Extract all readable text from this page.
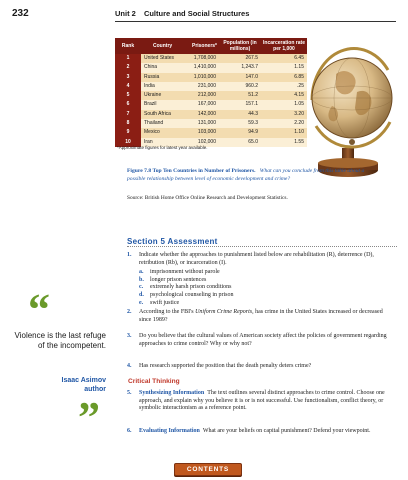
232	Unit 2 Culture and Social Structures
Rank	Country	Prisoners*	Population (in millions)	Incarceration rate per 1,000
1	United States	1,708,000	267.5	6.45
2	China	1,410,000	1,243.7	1.15
3	Russia	1,010,000	147.0	6.85
4	India	231,000	960.2	.25
5	Ukraine	212,000	51.2	4.15
6	Brazil	167,000	157.1	1.05
7	South Africa	142,000	44.3	3.20
8	Thailand	131,000	59.3	2.20
9	Mexico	103,000	94.9	1.10
10	Iran	102,000	65.0	1.55
*Approximate figures for latest year available.
Figure 7.8 Top Ten Countries in Number of Prisoners. What can you conclude from this table about a possible relationship between level of economic development and crime?
Source: British Home Office Online Research and Development Statistics.
Section 5 Assessment
1. Indicate whether the approaches to punishment listed below are rehabilitation (R), deterrence (D), retribution (Rb), or incarceration (I).
a. imprisonment without parole
b. longer prison sentences
c. extremely harsh prison conditions
d. psychological counseling in prison
e. swift justice
2. According to the FBI's Uniform Crime Reports, has crime in the United States increased or decreased since 1989?
3. Do you believe that the cultural values of American society affect the policies of government regarding approaches to crime control? Why or why not?
4. Has research supported the position that the death penalty deters crime?
Critical Thinking
5. Synthesizing Information The text outlines several distinct approaches to crime control. Choose one approach, and explain why you believe it is or is not successful. Use functionalism, conflict theory, or symbolic interactionism as a reference point.
6. Evaluating Information What are your beliefs on capital punishment? Defend your viewpoint.
“
Violence is the last refuge of the incompetent.
Isaac Asimov
author
”
CONTENTS
